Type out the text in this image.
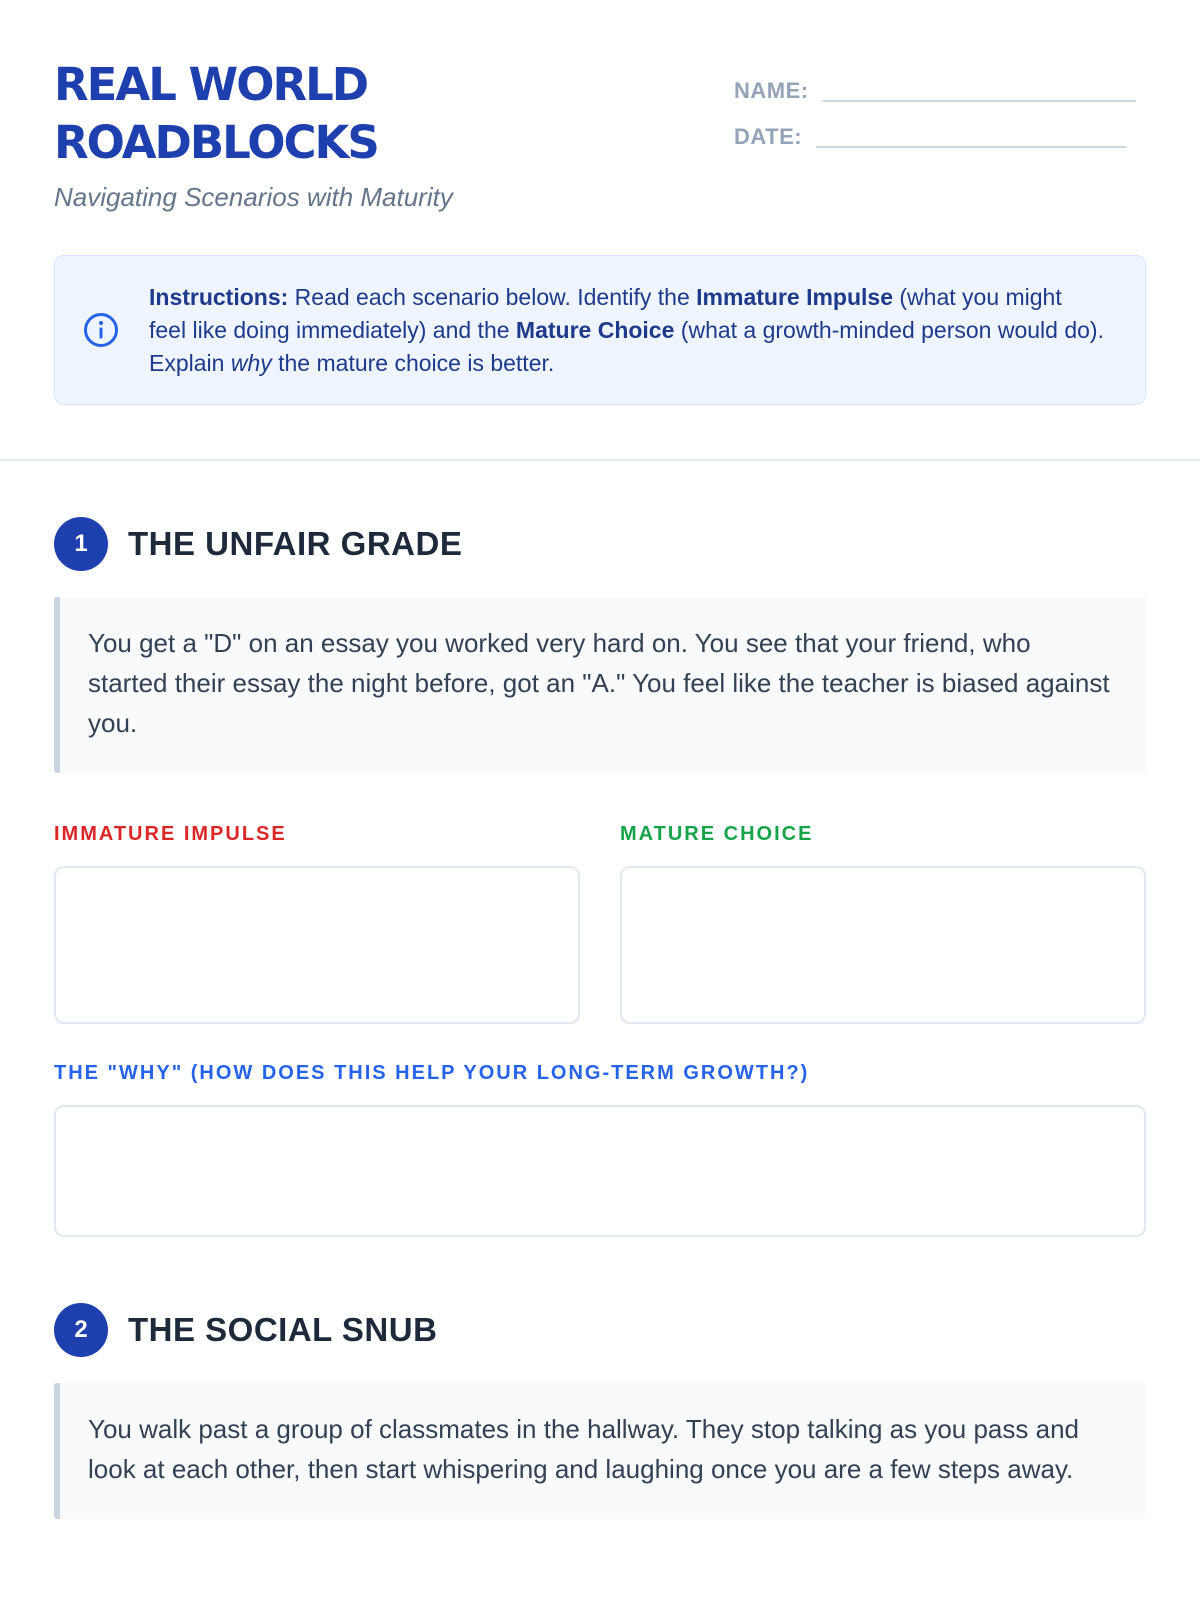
REAL WORLD
ROADBLOCKS
Navigating Scenarios with Maturity
NAME:
DATE:
Instructions: Read each scenario below. Identify the Immature Impulse (what you might feel like doing immediately) and the Mature Choice (what a growth-minded person would do). Explain why the mature choice is better.
1	THE UNFAIR GRADE
You get a "D" on an essay you worked very hard on. You see that your friend, who started their essay the night before, got an "A." You feel like the teacher is biased against you.
IMMATURE IMPULSE	MATURE CHOICE
THE "WHY" (HOW DOES THIS HELP YOUR LONG-TERM GROWTH?)
2	THE SOCIAL SNUB
You walk past a group of classmates in the hallway. They stop talking as you pass and look at each other, then start whispering and laughing once you are a few steps away.
